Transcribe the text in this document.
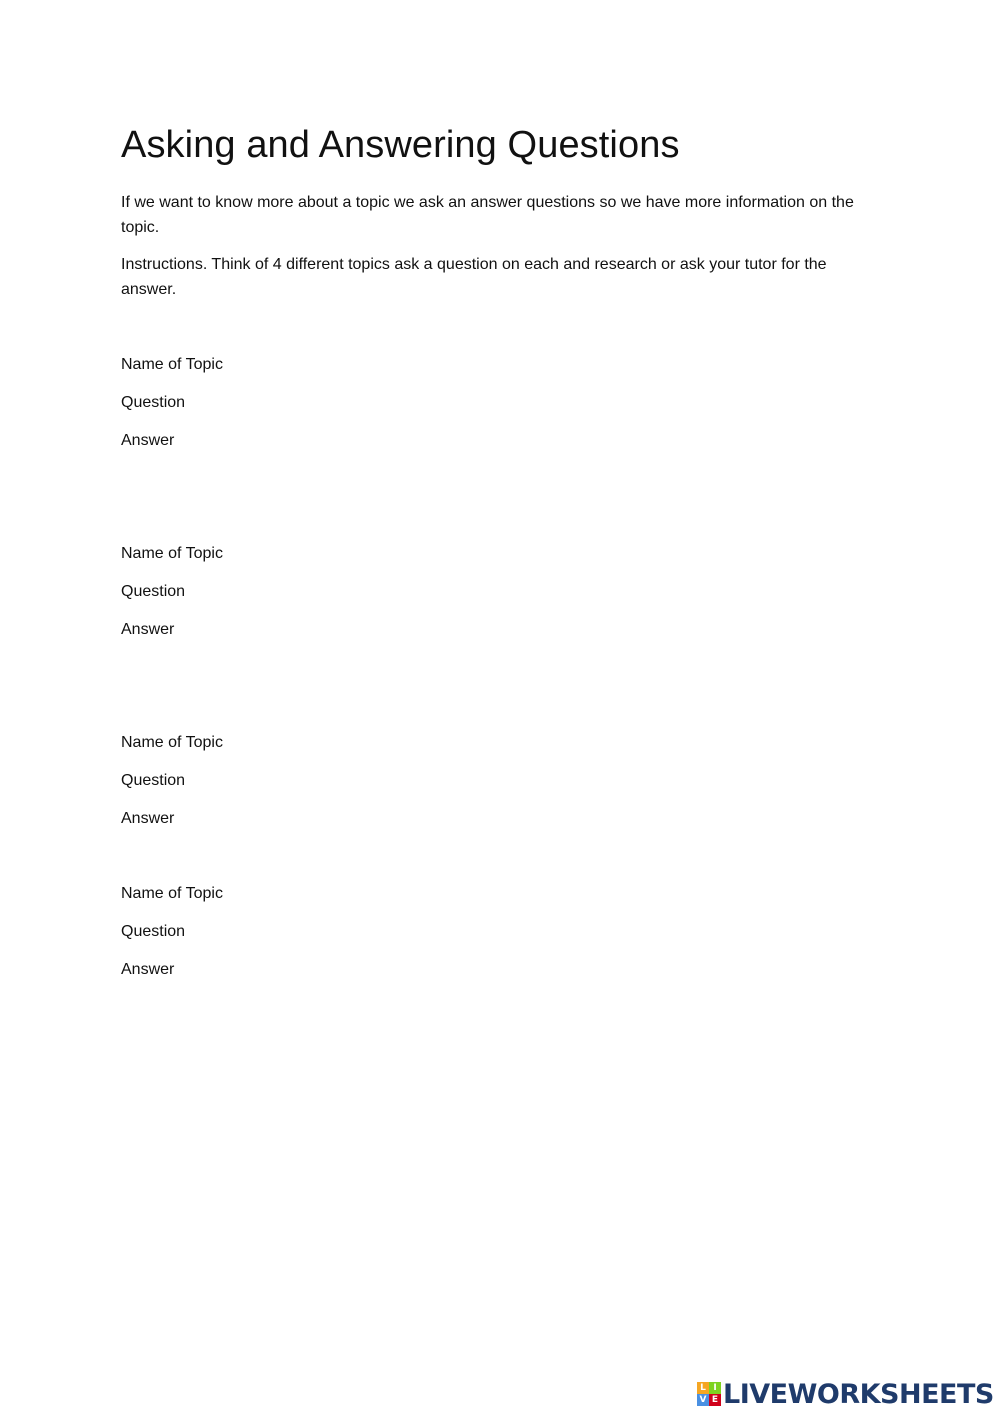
Asking and Answering Questions

If we want to know more about a topic we ask an answer questions so we have more information on the topic.

Instructions. Think of 4 different topics ask a question on each and research or ask your tutor for the answer.

Name of Topic
Question
Answer
Name of Topic
Question
Answer
Name of Topic
Question
Answer
Name of Topic
Question
Answer
L I
V E LIVEWORKSHEETS
